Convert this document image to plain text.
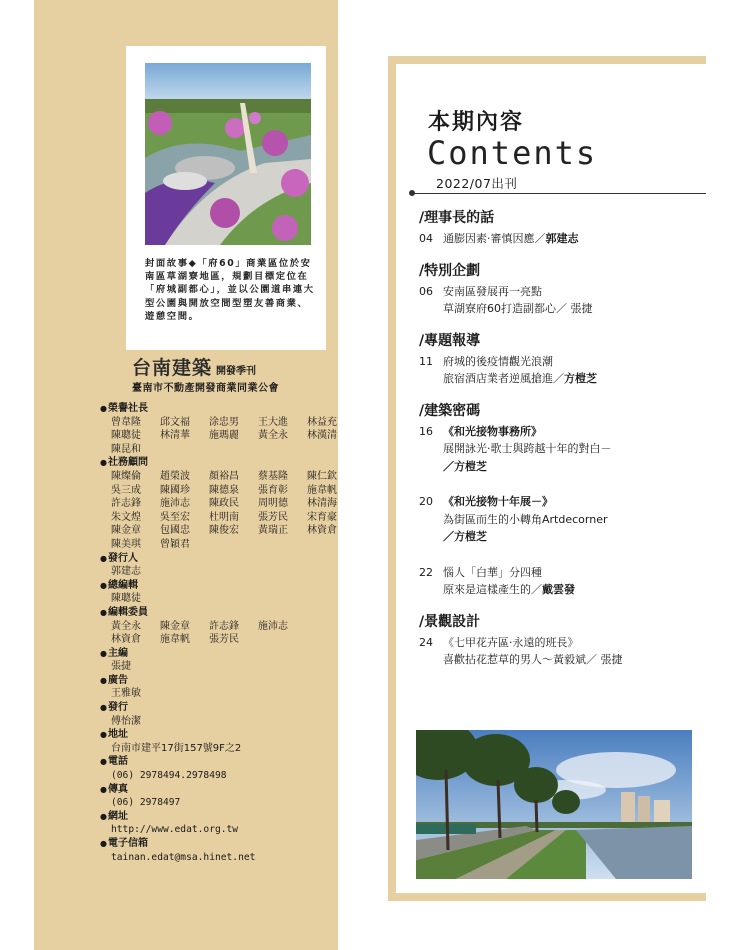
封面故事◆「府60」商業區位於安南區草湖寮地區，規劃目標定位在「府城副都心」，並以公園道串連大型公園與開放空間型塑友善商業、遊憩空間。
台南建築 開發季刊
臺南市不動產開發商業同業公會
● 榮譽社長
曾韋隆 邱文福 涂忠男 王大進 林益充陳聰徒 林清華 施瑪麗 黃全永 林漢清陳昆和
● 社務顧問
陳燦倫 趙榮波 顏裕昌 蔡基隆 陳仁欽吳三成 陳國珍 陳德泉 張育彰 施韋帆許志鋒 施沛志 陳政民 周明德 林清海朱文煌 吳至宏 杜明南 張芳民 宋育豪陳金章 包國忠 陳俊宏 黃瑞正 林資倉陳美琪 曾穎君
● 發行人
郭建志
● 總編輯
陳聰徒
● 編輯委員
黃全永 陳金章 許志鋒 施沛志
林資倉 施韋帆 張芳民
● 主編
張捷
● 廣告
王雅敏
● 發行
傅怡潔
● 地址
台南市建平17街157號9F之2
● 電話
(06) 2978494.2978498
● 傳真
(06) 2978497
● 網址
http://www.edat.org.tw
● 電子信箱
tainan.edat@msa.hinet.net
本期內容
Contents
2022/07出刊
/理事長的話
04 通膨因素‧審慎因應／郭建志
/特別企劃
06 安南區發展再一亮點
草湖寮府60打造副都心／ 張捷
/專題報導
11 府城的後疫情觀光浪潮
旅宿酒店業者逆風搶進／方榿芝
/建築密碼
16 《和光接物事務所》
展開詠光‧歌士與跨越十年的對白－
／方榿芝
20 《和光接物十年展－》
為街區而生的小轉角Artdecorner
／方榿芝
22 惱人「白華」分四種
原來是這樣產生的／戴雲發
/景觀設計
24 《七甲花卉區‧永遠的班長》
喜歡拈花惹草的男人～黃毅斌／ 張捷
